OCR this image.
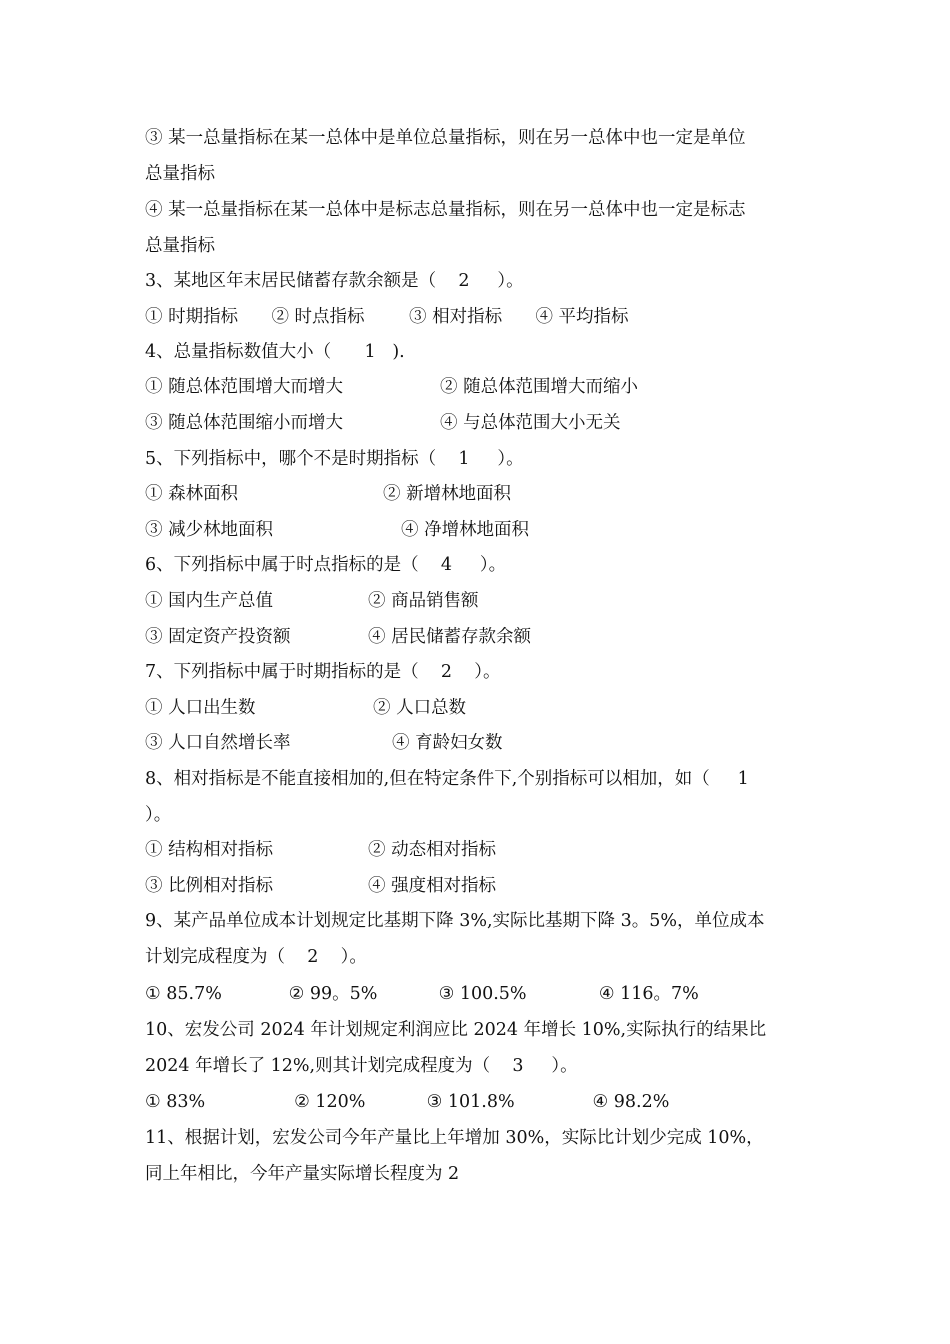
③ 某一总量指标在某一总体中是单位总量指标，则在另一总体中也一定是单位
总量指标
④ 某一总量指标在某一总体中是标志总量指标，则在另一总体中也一定是标志
总量指标
3、某地区年末居民储蓄存款余额是（    2     ）。
① 时期指标      ② 时点指标        ③ 相对指标      ④ 平均指标
4、总量指标数值大小（      1   ).
① 随总体范围增大而增大	② 随总体范围增大而缩小
③ 随总体范围缩小而增大	④ 与总体范围大小无关
5、下列指标中，哪个不是时期指标（    1     ）。
① 森林面积	② 新增林地面积
③ 减少林地面积	④ 净增林地面积
6、下列指标中属于时点指标的是（    4     ）。
① 国内生产总值	② 商品销售额
③ 固定资产投资额	④ 居民储蓄存款余额
7、下列指标中属于时期指标的是（    2    ）。
① 人口出生数	② 人口总数
③ 人口自然增长率	④ 育龄妇女数
8、相对指标是不能直接相加的,但在特定条件下,个别指标可以相加，如（     1
）。
① 结构相对指标	② 动态相对指标
③ 比例相对指标	④ 强度相对指标
9、某产品单位成本计划规定比基期下降 3%,实际比基期下降 3。5%，单位成本
计划完成程度为（    2    ）。
① 85.7%            ② 99。5%           ③ 100.5%             ④ 116。7%
10、宏发公司 2024 年计划规定利润应比 2024 年增长 10%,实际执行的结果比
2024 年增长了 12%,则其计划完成程度为（    3     ）。
① 83%                ② 120%           ③ 101.8%              ④ 98.2%
11、根据计划，宏发公司今年产量比上年增加 30%，实际比计划少完成 10%，
同上年相比，今年产量实际增长程度为 2
